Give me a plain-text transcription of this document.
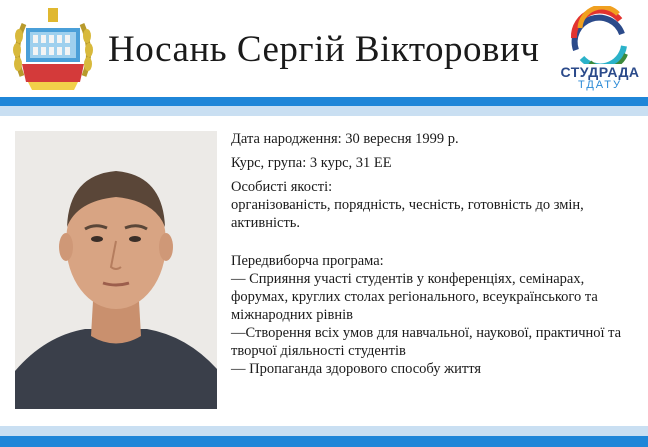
Носань Сергій Вікторович
СТУДРАДА
ТДАТУ
Дата народження: 30 вересня 1999 р.
Курс, група: 3 курс, 31 ЕЕ
Особисті якості:
організованість, порядність, чесність, готовність до змін, активність.
Передвиборча програма:
— Сприяння участі студентів у конференціях, семінарах, форумах, круглих столах регіонального, всеукраїнського та міжнародних рівнів
—Створення всіх умов для навчальної, наукової, практичної та творчої діяльності студентів
— Пропаганда здорового способу життя
